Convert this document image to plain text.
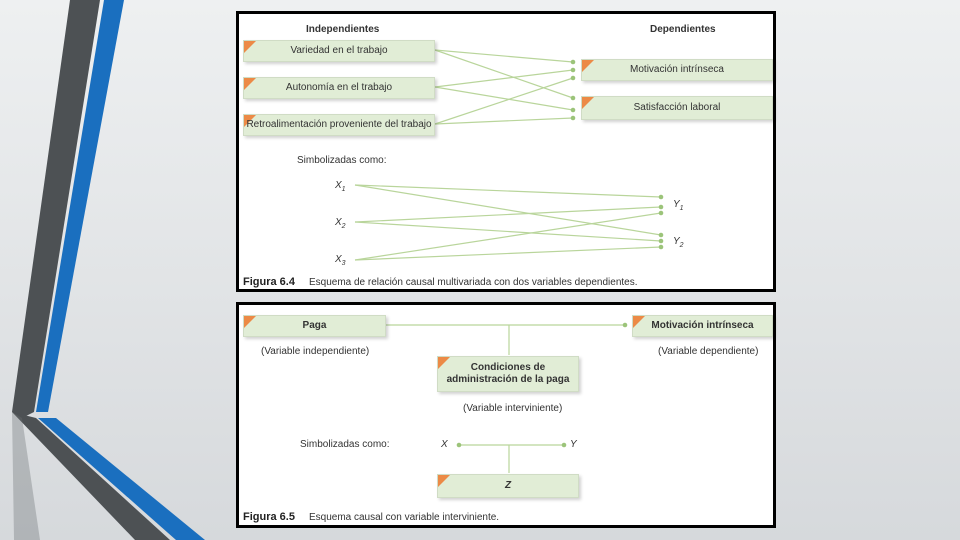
Independientes	Dependientes
Variedad en el trabajo
Autonomía en el trabajo
Retroalimentación proveniente del trabajo
Motivación intrínseca
Satisfacción laboral
Simbolizadas como:
$X_1$
$X_2$
$X_3$
$Y_1$
$Y_2$
Figura 6.4 Esquema de relación causal multivariada con dos variables dependientes.
Paga
(Variable independiente)
Motivación intrínseca
(Variable dependiente)
Condiciones de
administración de la paga
(Variable interviniente)
Simbolizadas como:	X	Y
Z
Figura 6.5 Esquema causal con variable interviniente.
